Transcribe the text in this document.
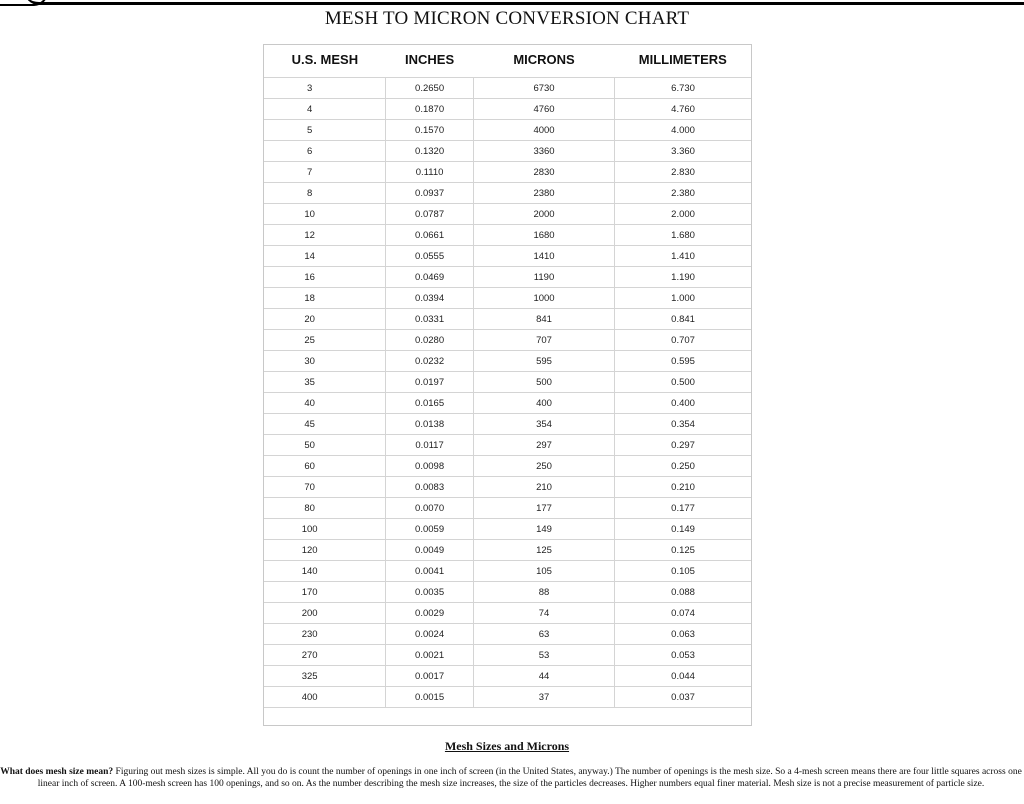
MESH TO MICRON CONVERSION CHART
U.S. MESH	INCHES	MICRONS	MILLIMETERS

3	0.2650	6730	6.730
4	0.1870	4760	4.760
5	0.1570	4000	4.000
6	0.1320	3360	3.360
7	0.1110	2830	2.830
8	0.0937	2380	2.380
10	0.0787	2000	2.000
12	0.0661	1680	1.680
14	0.0555	1410	1.410
16	0.0469	1190	1.190
18	0.0394	1000	1.000
20	0.0331	841	0.841
25	0.0280	707	0.707
30	0.0232	595	0.595
35	0.0197	500	0.500
40	0.0165	400	0.400
45	0.0138	354	0.354
50	0.0117	297	0.297
60	0.0098	250	0.250
70	0.0083	210	0.210
80	0.0070	177	0.177
100	0.0059	149	0.149
120	0.0049	125	0.125
140	0.0041	105	0.105
170	0.0035	88	0.088
200	0.0029	74	0.074
230	0.0024	63	0.063
270	0.0021	53	0.053
325	0.0017	44	0.044
400	0.0015	37	0.037
Mesh Sizes and Microns
What does mesh size mean? Figuring out mesh sizes is simple. All you do is count the number of openings in one inch of screen (in the United States, anyway.) The number of openings is the mesh size. So a 4-mesh screen means there are four little squares across one linear inch of screen. A 100-mesh screen has 100 openings, and so on. As the number describing the mesh size increases, the size of the particles decreases. Higher numbers equal finer material. Mesh size is not a precise measurement of particle size.
